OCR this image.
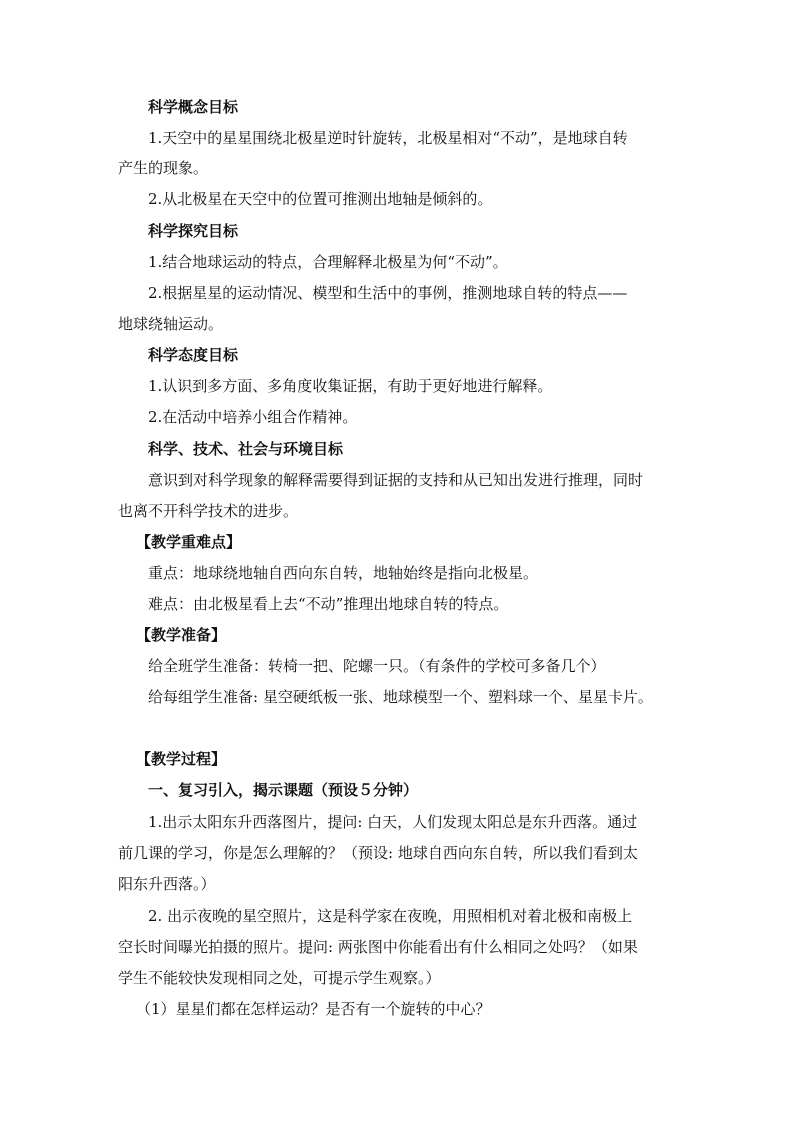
科学概念目标
1.天空中的星星围绕北极星逆时针旋转，北极星相对“不动”，是地球自转
产生的现象。
2.从北极星在天空中的位置可推测出地轴是倾斜的。
科学探究目标
1.结合地球运动的特点，合理解释北极星为何“不动”。
2.根据星星的运动情况、模型和生活中的事例，推测地球自转的特点——
地球绕轴运动。
科学态度目标
1.认识到多方面、多角度收集证据，有助于更好地进行解释。
2.在活动中培养小组合作精神。
科学、技术、社会与环境目标
意识到对科学现象的解释需要得到证据的支持和从已知出发进行推理，同时
也离不开科学技术的进步。
【教学重难点】
重点：地球绕地轴自西向东自转，地轴始终是指向北极星。
难点：由北极星看上去“不动”推理出地球自转的特点。
【教学准备】
给全班学生准备：转椅一把、陀螺一只。（有条件的学校可多备几个）
给每组学生准备: 星空硬纸板一张、地球模型一个、塑料球一个、星星卡片。
【教学过程】
一、复习引入，揭示课题（预设５分钟）
1.出示太阳东升西落图片，提问: 白天，人们发现太阳总是东升西落。通过
前几课的学习，你是怎么理解的？（预设: 地球自西向东自转，所以我们看到太
阳东升西落。）
2. 出示夜晚的星空照片，这是科学家在夜晚，用照相机对着北极和南极上
空长时间曝光拍摄的照片。提问: 两张图中你能看出有什么相同之处吗？（如果
学生不能较快发现相同之处，可提示学生观察。）
（1）星星们都在怎样运动？是否有一个旋转的中心？
